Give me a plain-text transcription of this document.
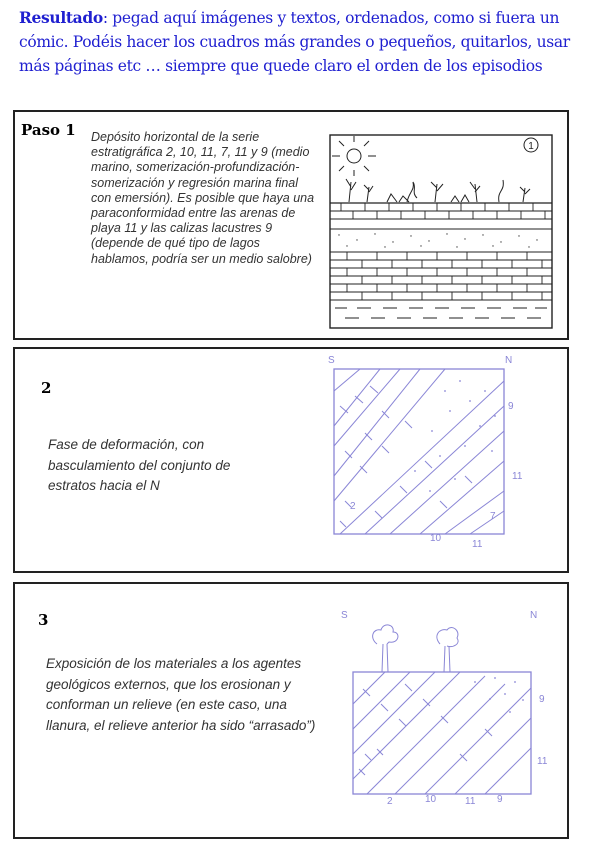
Resultado: pegad aquí imágenes y textos, ordenados, como si fuera un cómic. Podéis hacer los cuadros más grandes o pequeños, quitarlos, usar más páginas etc … siempre que quede claro el orden de los episodios
Paso 1 Depósito horizontal de la serie estratigráfica 2, 10, 11, 7, 11 y 9 (medio marino, somerización-profundización-somerización y regresión marina final con emersión). Es posible que haya una paraconformidad entre las arenas de playa 11 y las calizas lacustres 9 (depende de qué tipo de lagos hablamos, podría ser un medio salobre)
1
2
Fase de deformación, con basculamiento del conjunto de estratos hacia el N
S	N
9
11
2
7
10
11
3
Exposición de los materiales a los agentes geológicos externos, que los erosionan y conforman un relieve (en este caso, una llanura, el relieve anterior ha sido “arrasado”)
S	N
9
11
2	10	11 9
